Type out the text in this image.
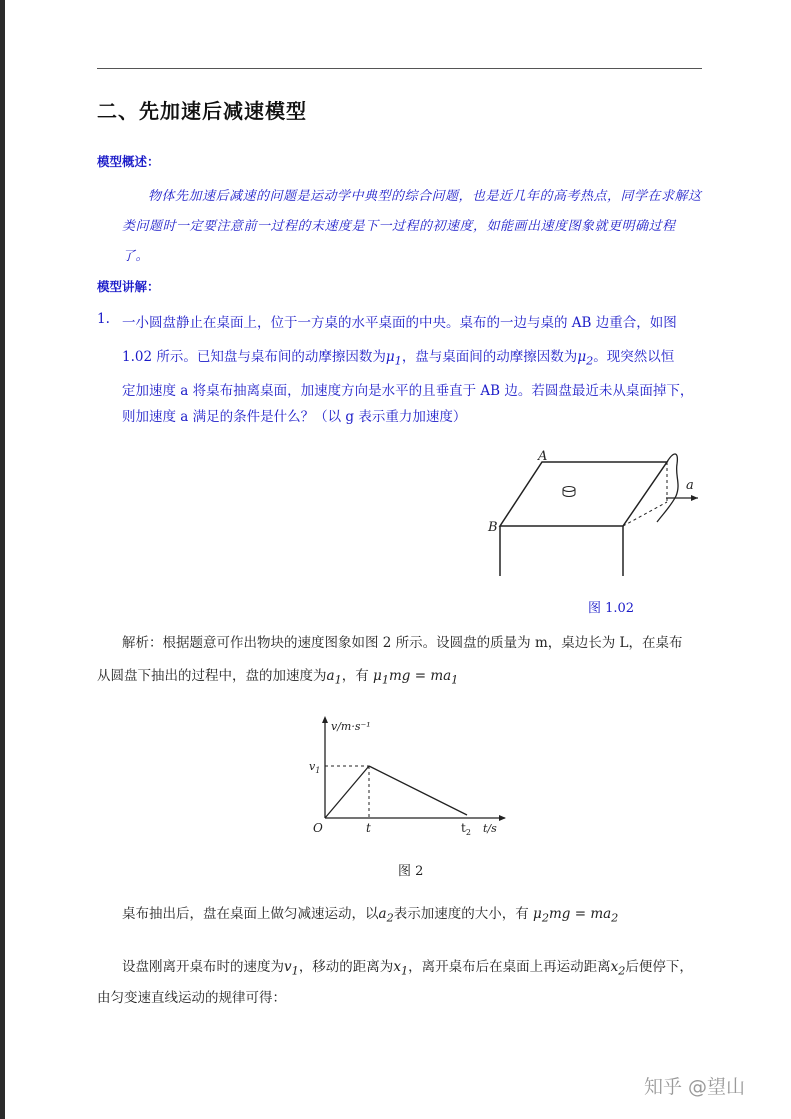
二、先加速后减速模型
模型概述：
物体先加速后减速的问题是运动学中典型的综合问题，也是近几年的高考热点，同学在求解这类问题时一定要注意前一过程的末速度是下一过程的初速度，如能画出速度图象就更明确过程了。
模型讲解：
1. 一小圆盘静止在桌面上，位于一方桌的水平桌面的中央。桌布的一边与桌的 AB 边重合，如图
1.02 所示。已知盘与桌布间的动摩擦因数为$\mu_1$，盘与桌面间的动摩擦因数为$\mu_2$。现突然以恒
定加速度 a 将桌布抽离桌面，加速度方向是水平的且垂直于 AB 边。若圆盘最近未从桌面掉下，
则加速度 a 满足的条件是什么？（以 g 表示重力加速度）
A
B
a
图 1.02
解析：根据题意可作出物块的速度图象如图 2 所示。设圆盘的质量为 m，桌边长为 L，在桌布
从圆盘下抽出的过程中，盘的加速度为$a_1$，有 $\mu_1mg = ma_1$
v/m·s⁻¹
$v_1$
O	t	$t_2$ t/s
图 2
桌布抽出后，盘在桌面上做匀减速运动，以$a_2$表示加速度的大小，有 $\mu_2mg = ma_2$
设盘刚离开桌布时的速度为$v_1$，移动的距离为$x_1$，离开桌布后在桌面上再运动距离$x_2$后便停下，
由匀变速直线运动的规律可得：
知乎 @望山
